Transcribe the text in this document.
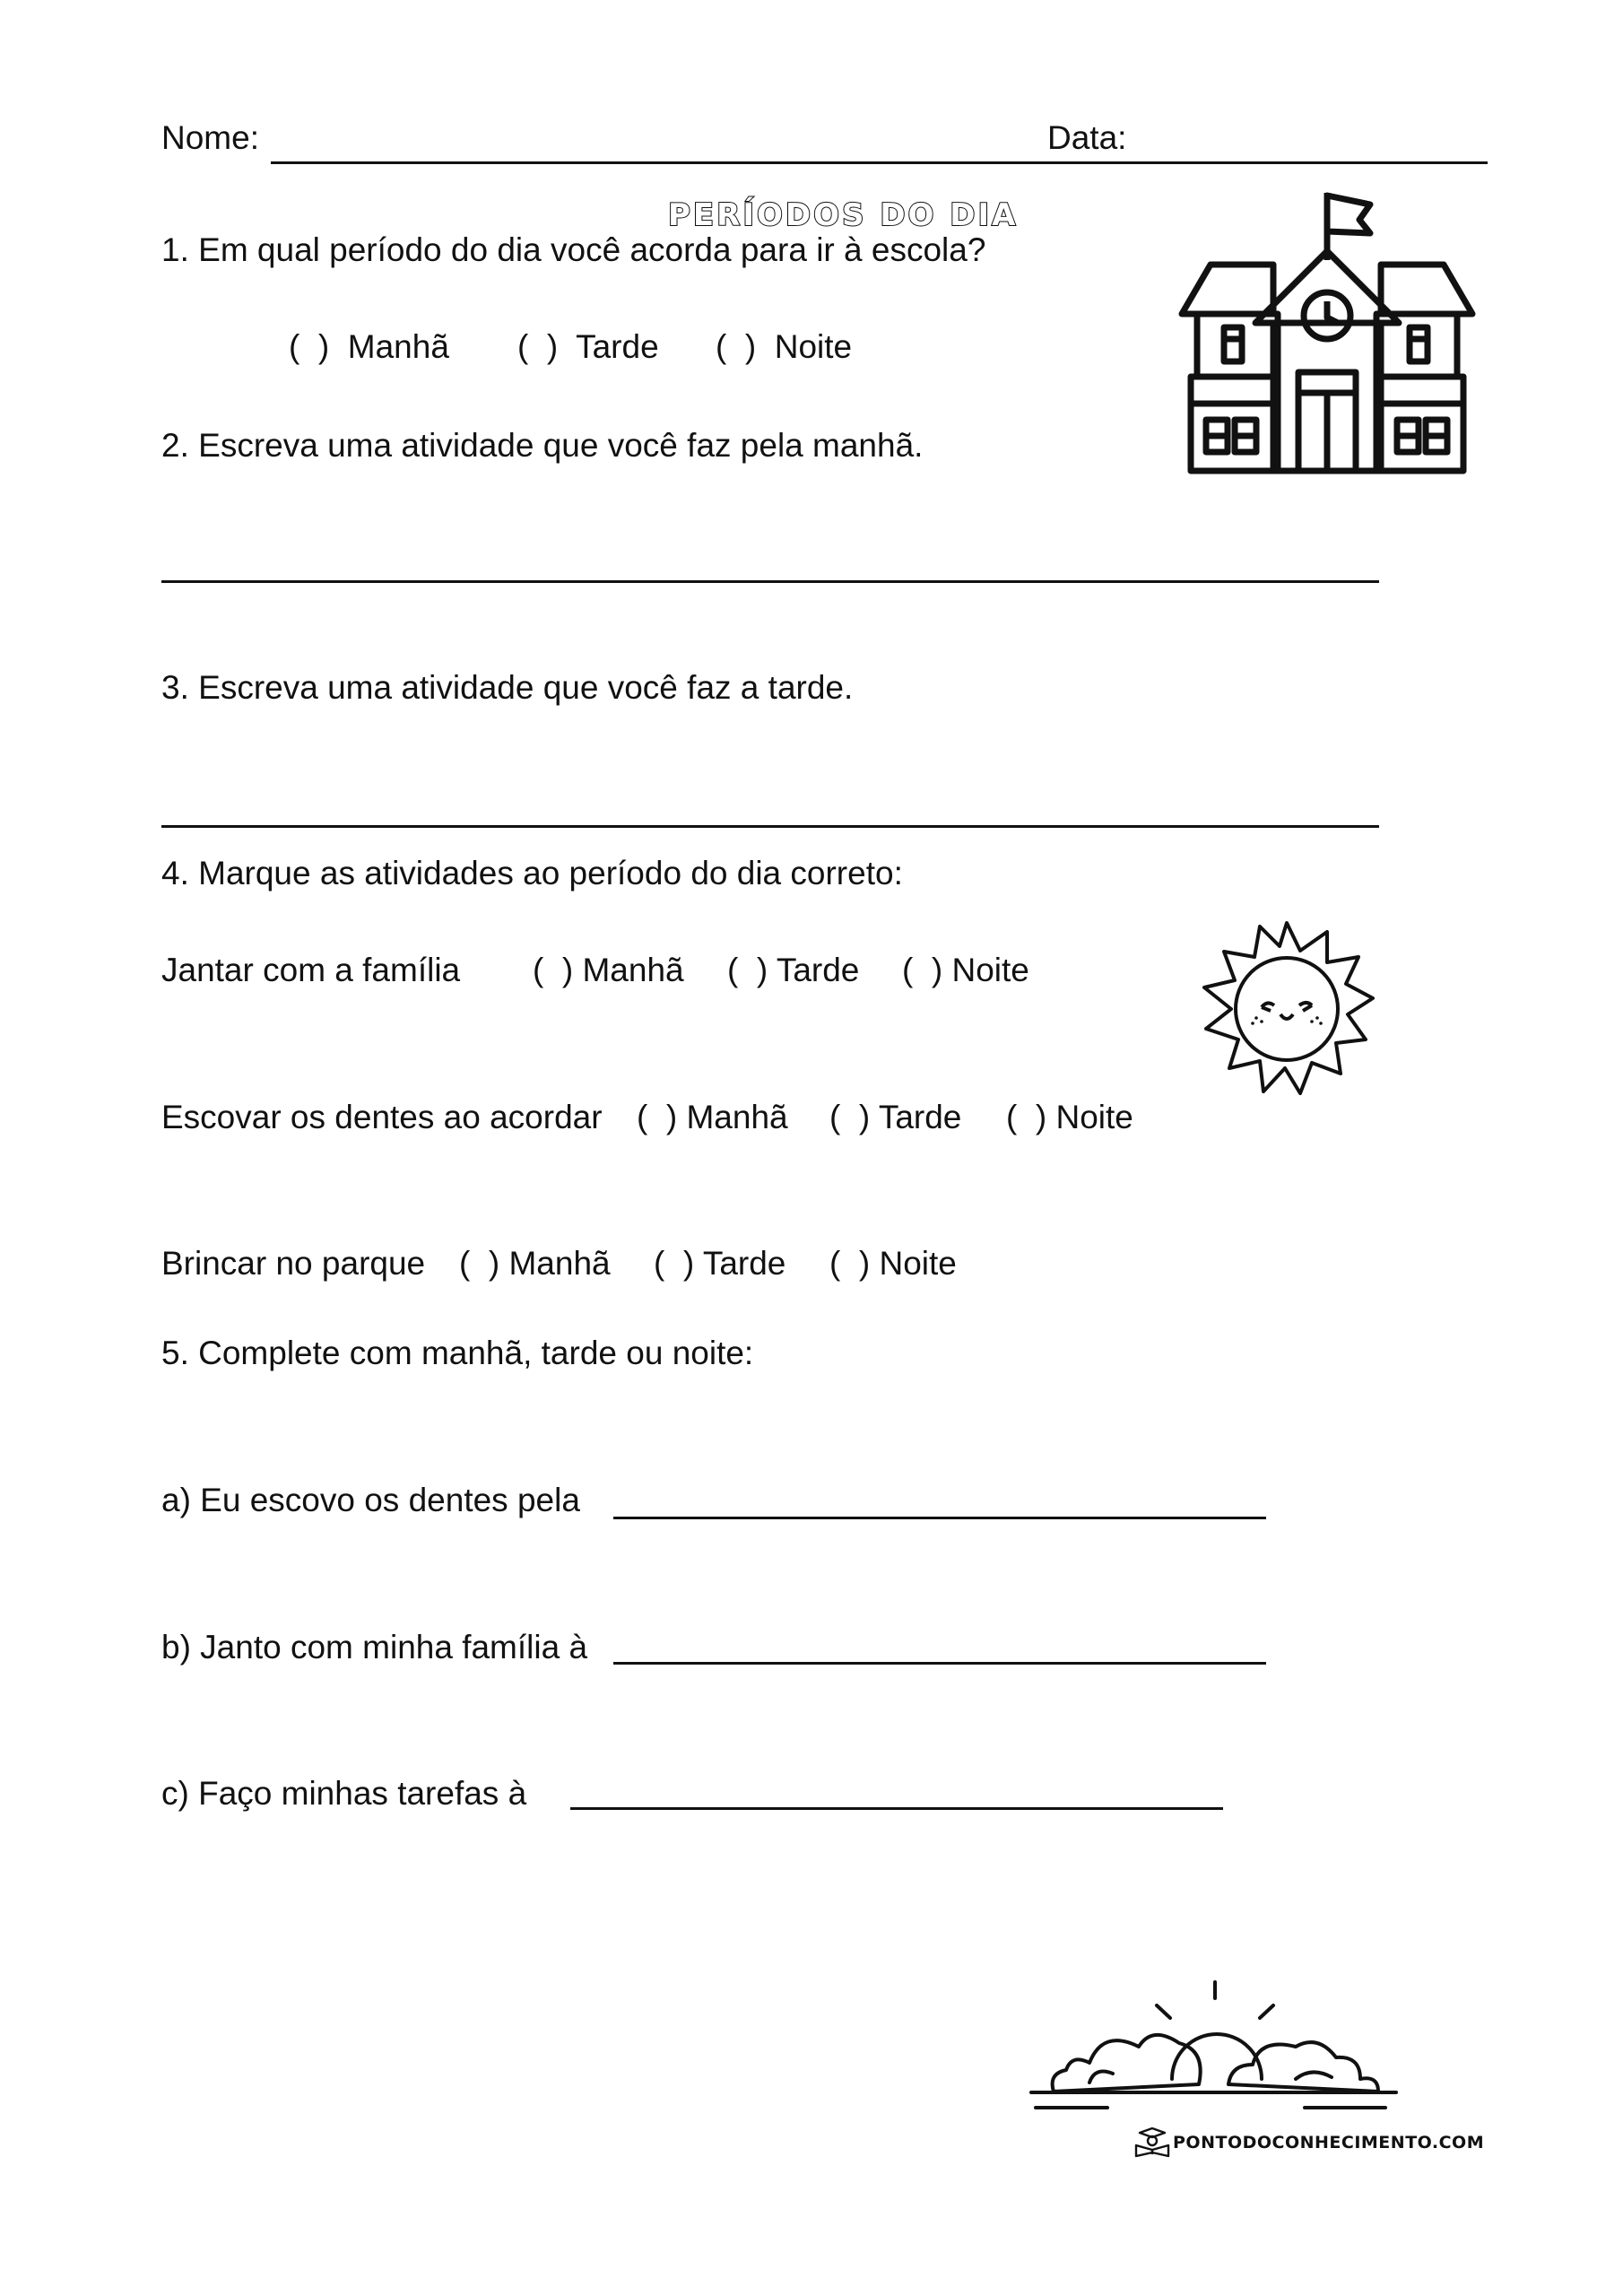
Nome:	Data:
PERÍODOS DO DIA
1. Em qual período do dia você acorda para ir à escola?
(  )  Manhã (  )  Tarde (  )  Noite
2. Escreva uma atividade que você faz pela manhã.
3. Escreva uma atividade que você faz a tarde.
4. Marque as atividades ao período do dia correto:
Jantar com a família (  ) Manhã (  ) Tarde (  ) Noite
Escovar os dentes ao acordar (  ) Manhã (  ) Tarde (  ) Noite
Brincar no parque (  ) Manhã (  ) Tarde (  ) Noite
5. Complete com manhã, tarde ou noite:
a) Eu escovo os dentes pela
b) Janto com minha família à
c) Faço minhas tarefas à
PONTODOCONHECIMENTO.COM
